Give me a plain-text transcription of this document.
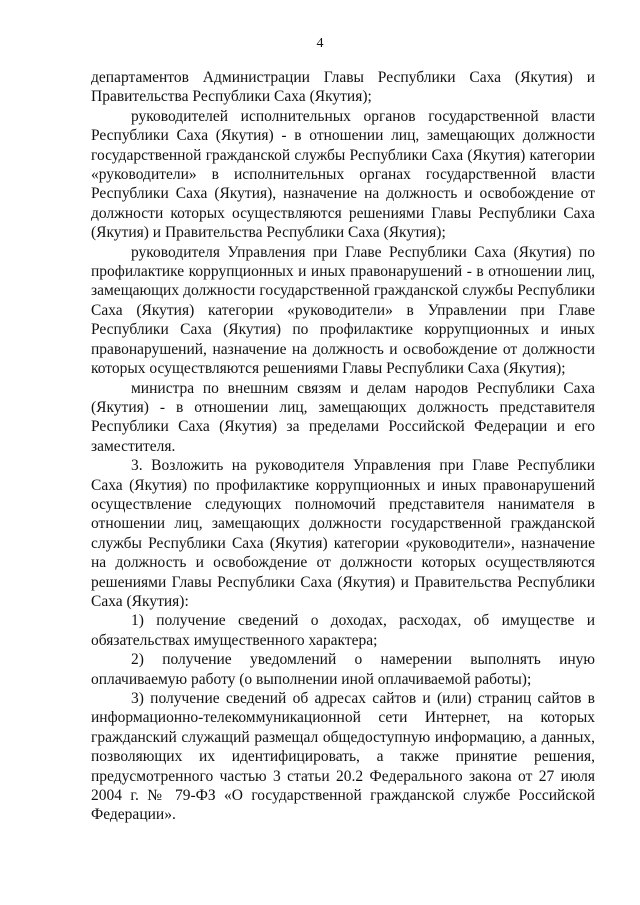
4

департаментов Администрации Главы Республики Саха (Якутия) и Правительства Республики Саха (Якутия);

руководителей исполнительных органов государственной власти Республики Саха (Якутия) - в отношении лиц, замещающих должности государственной гражданской службы Республики Саха (Якутия) категории «руководители» в исполнительных органах государственной власти Республики Саха (Якутия), назначение на должность и освобождение от должности которых осуществляются решениями Главы Республики Саха (Якутия) и Правительства Республики Саха (Якутия);

руководителя Управления при Главе Республики Саха (Якутия) по профилактике коррупционных и иных правонарушений - в отношении лиц, замещающих должности государственной гражданской службы Республики Саха (Якутия) категории «руководители» в Управлении при Главе Республики Саха (Якутия) по профилактике коррупционных и иных правонарушений, назначение на должность и освобождение от должности которых осуществляются решениями Главы Республики Саха (Якутия);

министра по внешним связям и делам народов Республики Саха (Якутия) - в отношении лиц, замещающих должность представителя Республики Саха (Якутия) за пределами Российской Федерации и его заместителя.

3. Возложить на руководителя Управления при Главе Республики Саха (Якутия) по профилактике коррупционных и иных правонарушений осуществление следующих полномочий представителя нанимателя в отношении лиц, замещающих должности государственной гражданской службы Республики Саха (Якутия) категории «руководители», назначение на должность и освобождение от должности которых осуществляются решениями Главы Республики Саха (Якутия) и Правительства Республики Саха (Якутия):

1) получение сведений о доходах, расходах, об имуществе и обязательствах имущественного характера;

2) получение уведомлений о намерении выполнять иную оплачиваемую работу (о выполнении иной оплачиваемой работы);

3) получение сведений об адресах сайтов и (или) страниц сайтов в информационно-телекоммуникационной сети Интернет, на которых гражданский служащий размещал общедоступную информацию, а данных, позволяющих их идентифицировать, а также принятие решения, предусмотренного частью 3 статьи 20.2 Федерального закона от 27 июля 2004 г. № 79-ФЗ «О государственной гражданской службе Российской Федерации».
